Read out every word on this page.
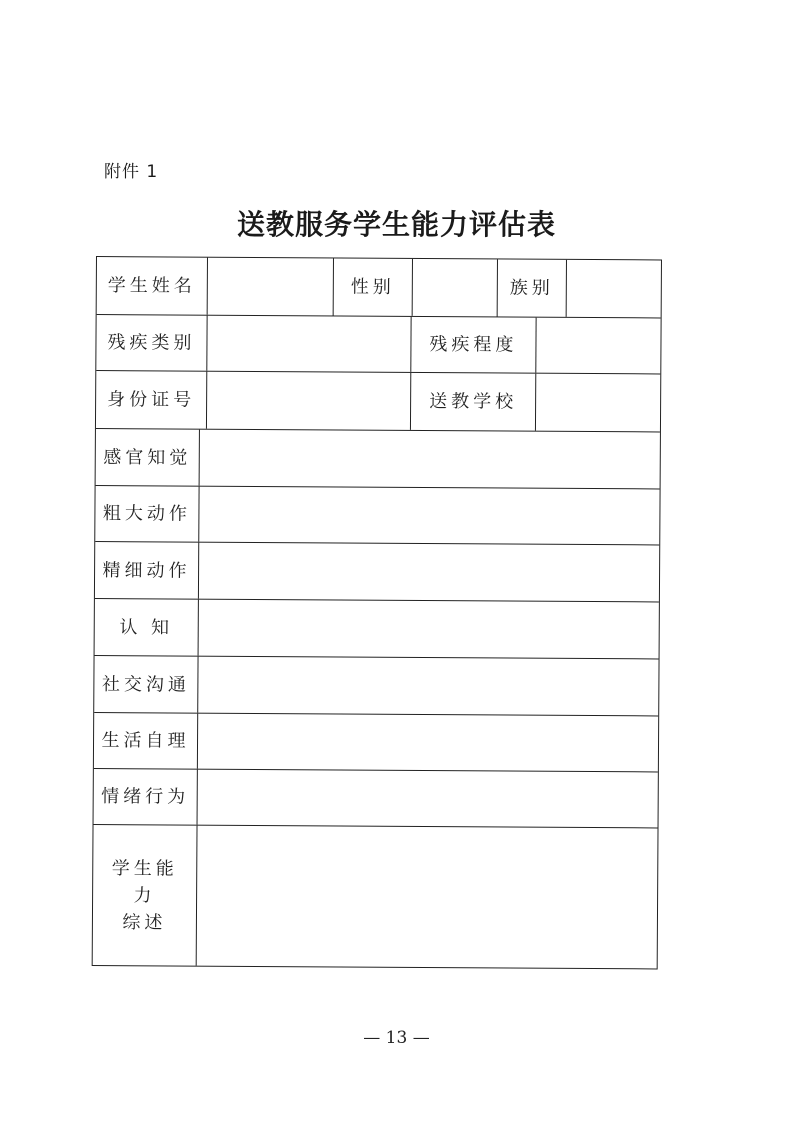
附件 1
送教服务学生能力评估表
学生姓名	性别	族别
残疾类别	残疾程度
身份证号	送教学校
感官知觉
粗大动作
精细动作
认 知
社交沟通
生活自理
情绪行为
学生能力
综述
— 13 —
